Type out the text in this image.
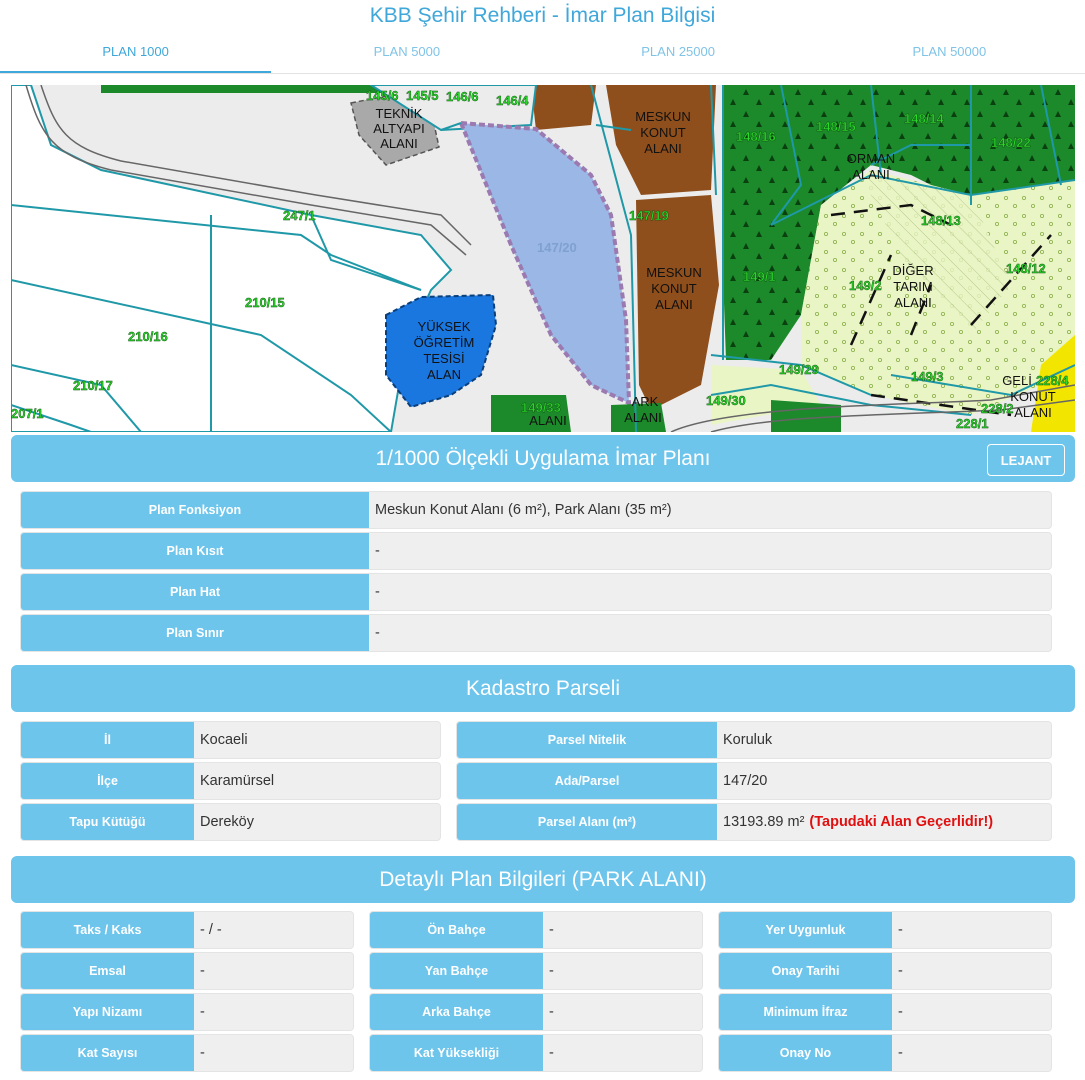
KBB Şehir Rehberi - İmar Plan Bilgisi
PLAN 1000	PLAN 5000	PLAN 25000	PLAN 50000
145/6 145/5 146/6 146/4
148/16
148/15
148/14
148/22
247/1	147/19
147/20
148/13
210/15
210/16
210/17
207/1
149/1
149/2
148/12
149/29	149/3
149/33	149/30
228/4
228/2
228/1
TEKNİK
ALTYAPI
ALANI
MESKUN
KONUT
ALANI
MESKUN
KONUT
ALANI
ORMAN
ALANI
DİĞER
TARIM
ALANI
YÜKSEK
ÖĞRETİM
TESİSİ
ALAN
ARK
ALANI
ALANI
GELİ
KONUT
ALANI
1/1000 Ölçekli Uygulama İmar Planı	LEJANT
Plan Fonksiyon	Meskun Konut Alanı (6 m²), Park Alanı (35 m²)
Plan Kısıt	-
Plan Hat	-
Plan Sınır	-
Kadastro Parseli
İl	Kocaeli
İlçe	Karamürsel
Tapu Kütüğü	Dereköy
Parsel Nitelik	Koruluk
Ada/Parsel	147/20
Parsel Alanı (m²)	13193.89 m² (Tapudaki Alan Geçerlidir!)
Detaylı Plan Bilgileri (PARK ALANI)
Taks / Kaks	- / -
Emsal	-
Yapı Nizamı	-
Kat Sayısı	-
Ön Bahçe	-
Yan Bahçe	-
Arka Bahçe	-
Kat Yüksekliği	-
Yer Uygunluk	-
Onay Tarihi	-
Minimum İfraz	-
Onay No	-
